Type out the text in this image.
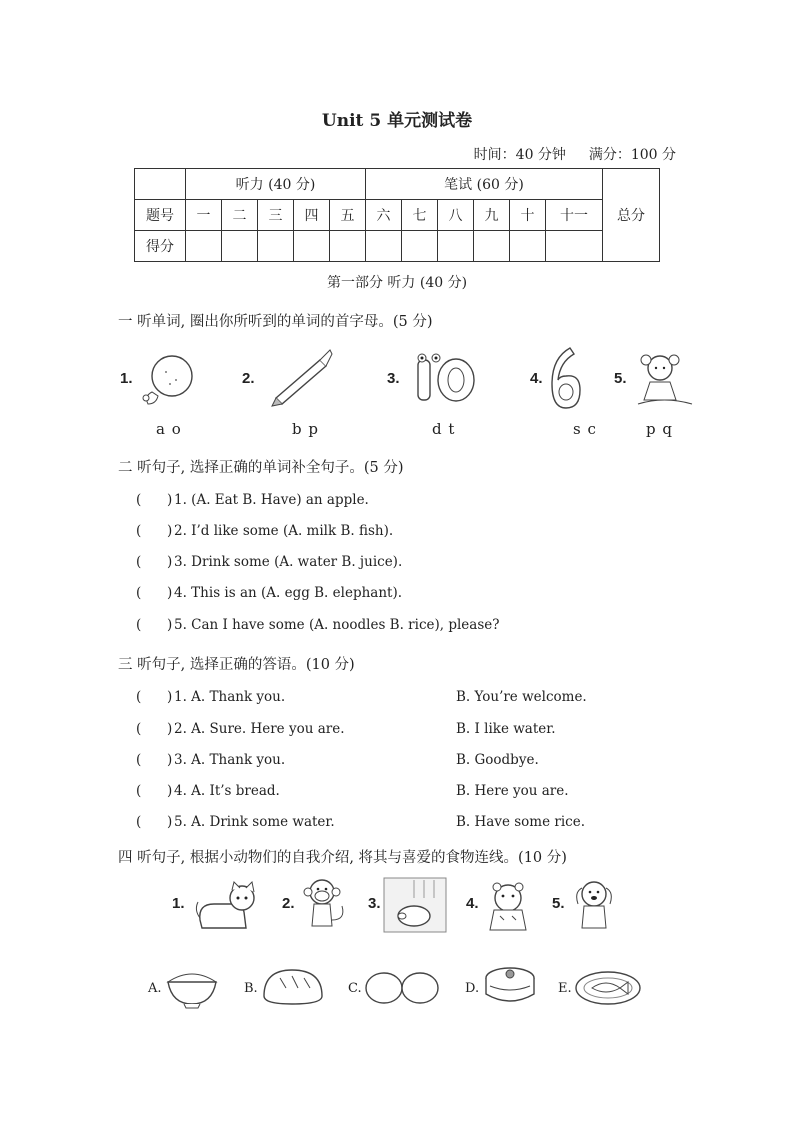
Unit 5 单元测试卷
时间：40 分钟 满分：100 分
	听力 (40 分)					笔试 (60 分)						总分
题号	一	二	三	四	五	六	七	八	九	十	十一	
得分												
第一部分 听力 (40 分)
一 听单词, 圈出你所听到的单词的首字母。(5 分)
1.
a o
2.
b p
3.
d t
4.
s c
5.
p q
二 听句子, 选择正确的单词补全句子。(5 分)
(      ) 1. (A. Eat B. Have) an apple.
(      ) 2. I’d like some (A. milk B. fish).
(      ) 3. Drink some (A. water B. juice).
(      ) 4. This is an (A. egg B. elephant).
(      ) 5. Can I have some (A. noodles B. rice), please?
三 听句子, 选择正确的答语。(10 分)
(      ) 1. A. Thank you.	B. You’re welcome.
(      ) 2. A. Sure. Here you are.	B. I like water.
(      ) 3. A. Thank you.	B. Goodbye.
(      ) 4. A. It’s bread.	B. Here you are.
(      ) 5. A. Drink some water.	B. Have some rice.
四 听句子, 根据小动物们的自我介绍, 将其与喜爱的食物连线。(10 分)
1.	2.	3.	4.	5.
A.	B.	C.	D.	E.
